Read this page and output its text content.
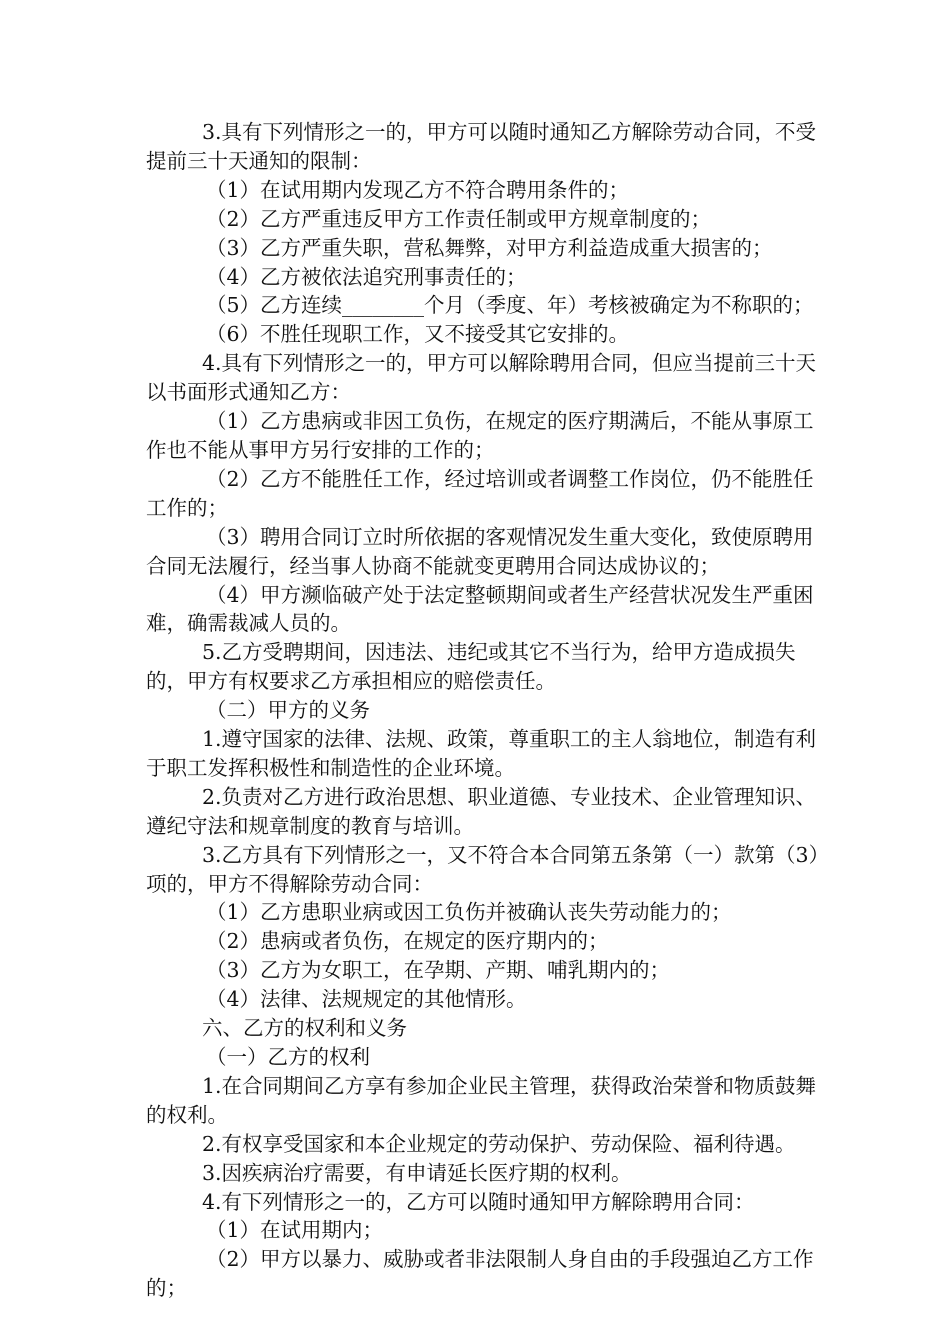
3.具有下列情形之一的，甲方可以随时通知乙方解除劳动合同，不受提前三十天通知的限制：

（1）在试用期内发现乙方不符合聘用条件的；

（2）乙方严重违反甲方工作责任制或甲方规章制度的；

（3）乙方严重失职，营私舞弊，对甲方利益造成重大损害的；

（4）乙方被依法追究刑事责任的；

（5）乙方连续________个月（季度、年）考核被确定为不称职的；

（6）不胜任现职工作，又不接受其它安排的。

4.具有下列情形之一的，甲方可以解除聘用合同，但应当提前三十天以书面形式通知乙方：

（1）乙方患病或非因工负伤，在规定的医疗期满后，不能从事原工作也不能从事甲方另行安排的工作的；

（2）乙方不能胜任工作，经过培训或者调整工作岗位，仍不能胜任工作的；

（3）聘用合同订立时所依据的客观情况发生重大变化，致使原聘用合同无法履行，经当事人协商不能就变更聘用合同达成协议的；

（4）甲方濒临破产处于法定整顿期间或者生产经营状况发生严重困难，确需裁减人员的。

5.乙方受聘期间，因违法、违纪或其它不当行为，给甲方造成损失的，甲方有权要求乙方承担相应的赔偿责任。

（二）甲方的义务

1.遵守国家的法律、法规、政策，尊重职工的主人翁地位，制造有利于职工发挥积极性和制造性的企业环境。

2.负责对乙方进行政治思想、职业道德、专业技术、企业管理知识、遵纪守法和规章制度的教育与培训。

3.乙方具有下列情形之一，又不符合本合同第五条第（一）款第（3）项的，甲方不得解除劳动合同：

（1）乙方患职业病或因工负伤并被确认丧失劳动能力的；

（2）患病或者负伤，在规定的医疗期内的；

（3）乙方为女职工，在孕期、产期、哺乳期内的；

（4）法律、法规规定的其他情形。

六、乙方的权利和义务

（一）乙方的权利

1.在合同期间乙方享有参加企业民主管理，获得政治荣誉和物质鼓舞的权利。

2.有权享受国家和本企业规定的劳动保护、劳动保险、福利待遇。

3.因疾病治疗需要，有申请延长医疗期的权利。

4.有下列情形之一的，乙方可以随时通知甲方解除聘用合同：

（1）在试用期内；

（2）甲方以暴力、威胁或者非法限制人身自由的手段强迫乙方工作的；
